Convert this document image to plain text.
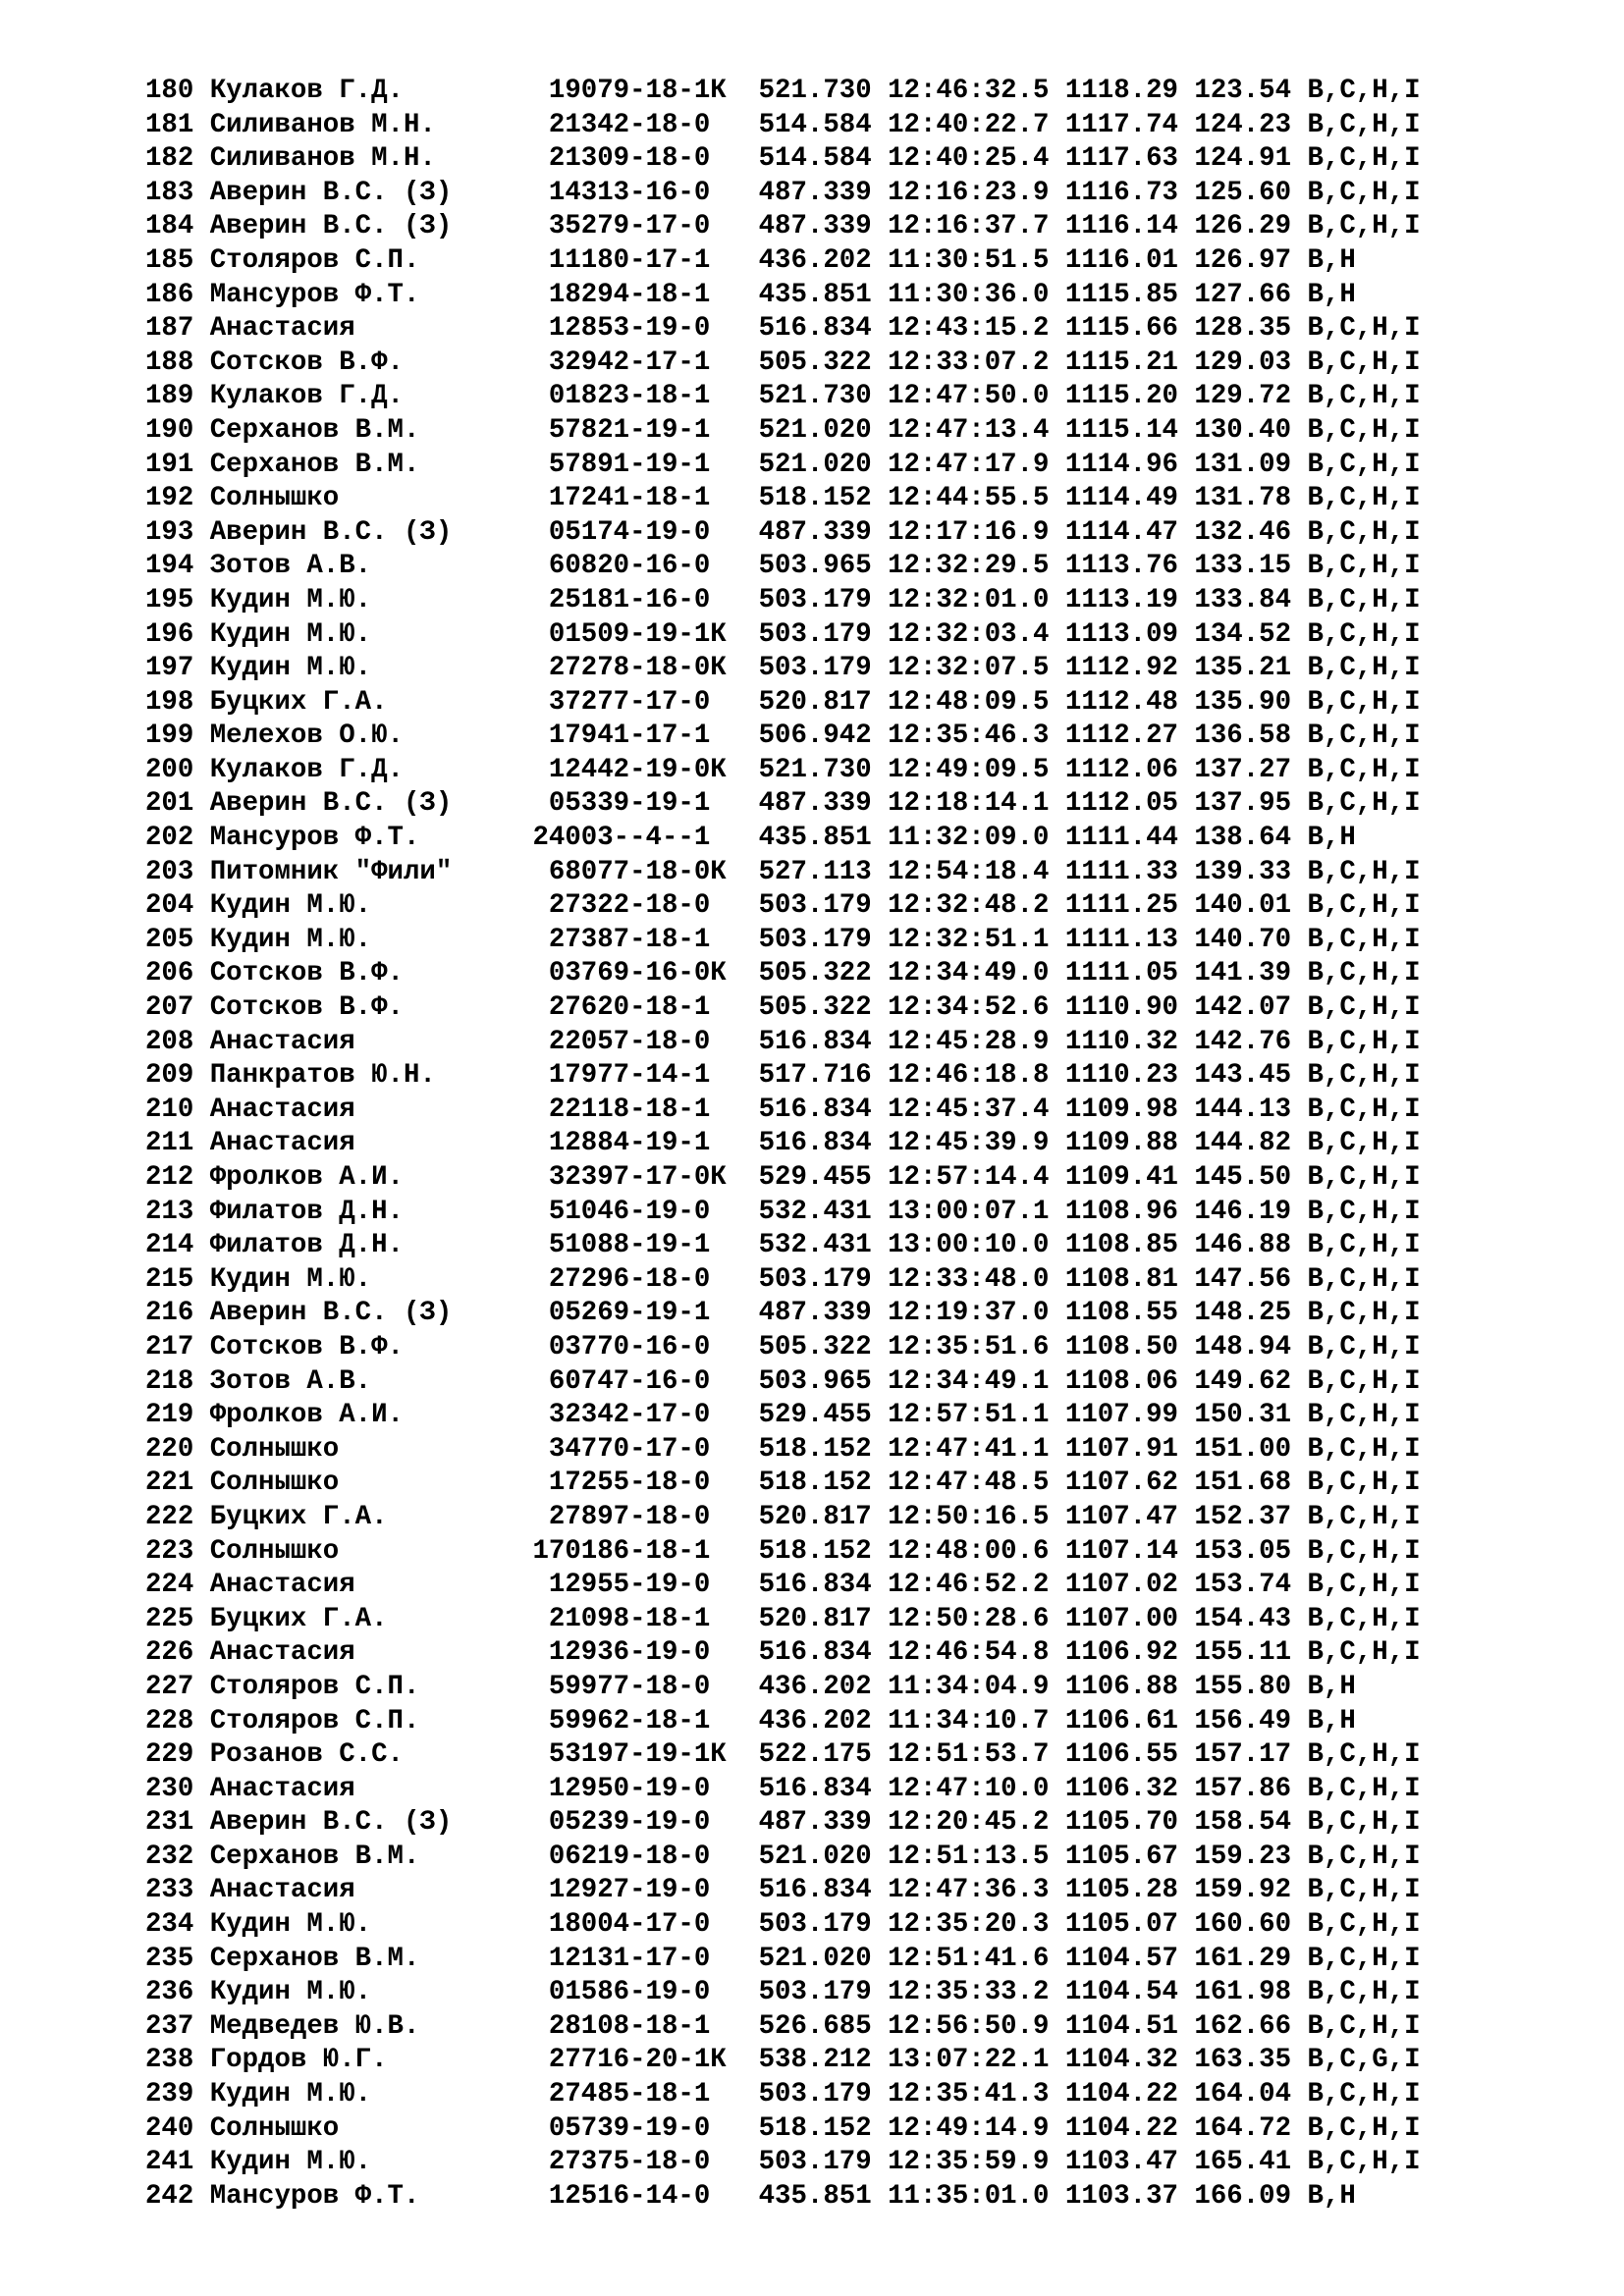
180 Кулаков Г.Д.         19079-18-1К  521.730 12:46:32.5 1118.29 123.54 B,C,H,I
181 Силиванов М.Н.       21342-18-0   514.584 12:40:22.7 1117.74 124.23 B,C,H,I
182 Силиванов М.Н.       21309-18-0   514.584 12:40:25.4 1117.63 124.91 B,C,H,I
183 Аверин В.С. (З)      14313-16-0   487.339 12:16:23.9 1116.73 125.60 B,C,H,I
184 Аверин В.С. (З)      35279-17-0   487.339 12:16:37.7 1116.14 126.29 B,C,H,I
185 Столяров С.П.        11180-17-1   436.202 11:30:51.5 1116.01 126.97 B,H
186 Мансуров Ф.Т.        18294-18-1   435.851 11:30:36.0 1115.85 127.66 B,H
187 Анастасия            12853-19-0   516.834 12:43:15.2 1115.66 128.35 B,C,H,I
188 Сотсков В.Ф.         32942-17-1   505.322 12:33:07.2 1115.21 129.03 B,C,H,I
189 Кулаков Г.Д.         01823-18-1   521.730 12:47:50.0 1115.20 129.72 B,C,H,I
190 Серханов В.М.        57821-19-1   521.020 12:47:13.4 1115.14 130.40 B,C,H,I
191 Серханов В.М.        57891-19-1   521.020 12:47:17.9 1114.96 131.09 B,C,H,I
192 Солнышко             17241-18-1   518.152 12:44:55.5 1114.49 131.78 B,C,H,I
193 Аверин В.С. (З)      05174-19-0   487.339 12:17:16.9 1114.47 132.46 B,C,H,I
194 Зотов А.В.           60820-16-0   503.965 12:32:29.5 1113.76 133.15 B,C,H,I
195 Кудин М.Ю.           25181-16-0   503.179 12:32:01.0 1113.19 133.84 B,C,H,I
196 Кудин М.Ю.           01509-19-1К  503.179 12:32:03.4 1113.09 134.52 B,C,H,I
197 Кудин М.Ю.           27278-18-0К  503.179 12:32:07.5 1112.92 135.21 B,C,H,I
198 Буцких Г.А.          37277-17-0   520.817 12:48:09.5 1112.48 135.90 B,C,H,I
199 Мелехов О.Ю.         17941-17-1   506.942 12:35:46.3 1112.27 136.58 B,C,H,I
200 Кулаков Г.Д.         12442-19-0К  521.730 12:49:09.5 1112.06 137.27 B,C,H,I
201 Аверин В.С. (З)      05339-19-1   487.339 12:18:14.1 1112.05 137.95 B,C,H,I
202 Мансуров Ф.Т.       24003--4--1   435.851 11:32:09.0 1111.44 138.64 B,H
203 Питомник "Фили"      68077-18-0К  527.113 12:54:18.4 1111.33 139.33 B,C,H,I
204 Кудин М.Ю.           27322-18-0   503.179 12:32:48.2 1111.25 140.01 B,C,H,I
205 Кудин М.Ю.           27387-18-1   503.179 12:32:51.1 1111.13 140.70 B,C,H,I
206 Сотсков В.Ф.         03769-16-0К  505.322 12:34:49.0 1111.05 141.39 B,C,H,I
207 Сотсков В.Ф.         27620-18-1   505.322 12:34:52.6 1110.90 142.07 B,C,H,I
208 Анастасия            22057-18-0   516.834 12:45:28.9 1110.32 142.76 B,C,H,I
209 Панкратов Ю.Н.       17977-14-1   517.716 12:46:18.8 1110.23 143.45 B,C,H,I
210 Анастасия            22118-18-1   516.834 12:45:37.4 1109.98 144.13 B,C,H,I
211 Анастасия            12884-19-1   516.834 12:45:39.9 1109.88 144.82 B,C,H,I
212 Фролков А.И.         32397-17-0К  529.455 12:57:14.4 1109.41 145.50 B,C,H,I
213 Филатов Д.Н.         51046-19-0   532.431 13:00:07.1 1108.96 146.19 B,C,H,I
214 Филатов Д.Н.         51088-19-1   532.431 13:00:10.0 1108.85 146.88 B,C,H,I
215 Кудин М.Ю.           27296-18-0   503.179 12:33:48.0 1108.81 147.56 B,C,H,I
216 Аверин В.С. (З)      05269-19-1   487.339 12:19:37.0 1108.55 148.25 B,C,H,I
217 Сотсков В.Ф.         03770-16-0   505.322 12:35:51.6 1108.50 148.94 B,C,H,I
218 Зотов А.В.           60747-16-0   503.965 12:34:49.1 1108.06 149.62 B,C,H,I
219 Фролков А.И.         32342-17-0   529.455 12:57:51.1 1107.99 150.31 B,C,H,I
220 Солнышко             34770-17-0   518.152 12:47:41.1 1107.91 151.00 B,C,H,I
221 Солнышко             17255-18-0   518.152 12:47:48.5 1107.62 151.68 B,C,H,I
222 Буцких Г.А.          27897-18-0   520.817 12:50:16.5 1107.47 152.37 B,C,H,I
223 Солнышко            170186-18-1   518.152 12:48:00.6 1107.14 153.05 B,C,H,I
224 Анастасия            12955-19-0   516.834 12:46:52.2 1107.02 153.74 B,C,H,I
225 Буцких Г.А.          21098-18-1   520.817 12:50:28.6 1107.00 154.43 B,C,H,I
226 Анастасия            12936-19-0   516.834 12:46:54.8 1106.92 155.11 B,C,H,I
227 Столяров С.П.        59977-18-0   436.202 11:34:04.9 1106.88 155.80 B,H
228 Столяров С.П.        59962-18-1   436.202 11:34:10.7 1106.61 156.49 B,H
229 Розанов С.С.         53197-19-1К  522.175 12:51:53.7 1106.55 157.17 B,C,H,I
230 Анастасия            12950-19-0   516.834 12:47:10.0 1106.32 157.86 B,C,H,I
231 Аверин В.С. (З)      05239-19-0   487.339 12:20:45.2 1105.70 158.54 B,C,H,I
232 Серханов В.М.        06219-18-0   521.020 12:51:13.5 1105.67 159.23 B,C,H,I
233 Анастасия            12927-19-0   516.834 12:47:36.3 1105.28 159.92 B,C,H,I
234 Кудин М.Ю.           18004-17-0   503.179 12:35:20.3 1105.07 160.60 B,C,H,I
235 Серханов В.М.        12131-17-0   521.020 12:51:41.6 1104.57 161.29 B,C,H,I
236 Кудин М.Ю.           01586-19-0   503.179 12:35:33.2 1104.54 161.98 B,C,H,I
237 Медведев Ю.В.        28108-18-1   526.685 12:56:50.9 1104.51 162.66 B,C,H,I
238 Гордов Ю.Г.          27716-20-1К  538.212 13:07:22.1 1104.32 163.35 B,C,G,I
239 Кудин М.Ю.           27485-18-1   503.179 12:35:41.3 1104.22 164.04 B,C,H,I
240 Солнышко             05739-19-0   518.152 12:49:14.9 1104.22 164.72 B,C,H,I
241 Кудин М.Ю.           27375-18-0   503.179 12:35:59.9 1103.47 165.41 B,C,H,I
242 Мансуров Ф.Т.        12516-14-0   435.851 11:35:01.0 1103.37 166.09 B,H
